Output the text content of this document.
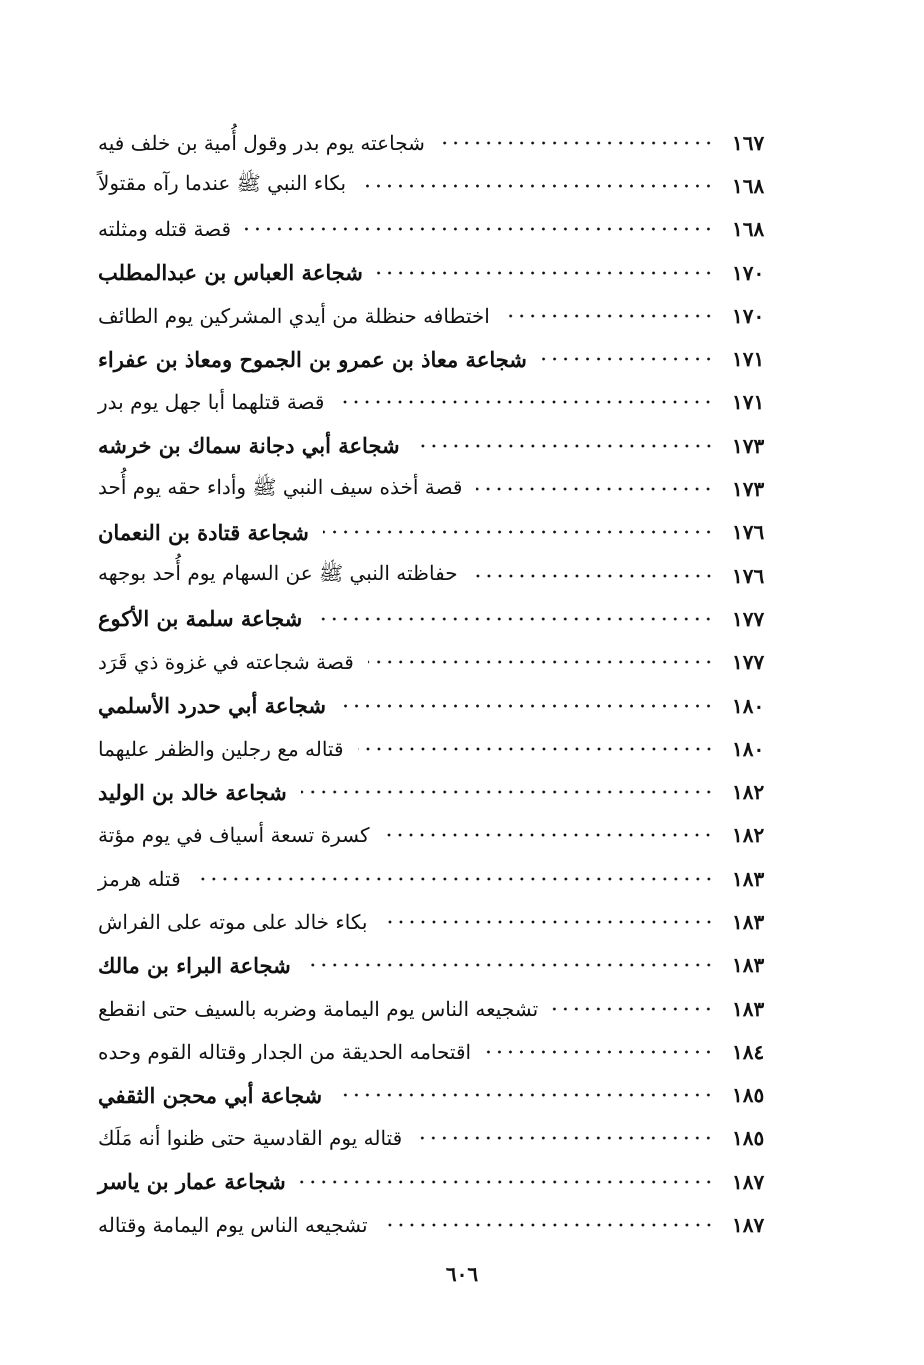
شجاعته يوم بدر وقول أُمية بن خلف فيه	١٦٧
بكاء النبي ﷺ عندما رآه مقتولاً	١٦٨
قصة قتله ومثلته	١٦٨
شجاعة العباس بن عبدالمطلب	١٧٠
اختطافه حنظلة من أيدي المشركين يوم الطائف	١٧٠
شجاعة معاذ بن عمرو بن الجموح ومعاذ بن عفراء	١٧١
قصة قتلهما أبا جهل يوم بدر	١٧١
شجاعة أبي دجانة سماك بن خرشه	١٧٣
قصة أخذه سيف النبي ﷺ وأداء حقه يوم أُحد	١٧٣
شجاعة قتادة بن النعمان	١٧٦
حفاظته النبي ﷺ عن السهام يوم أُحد بوجهه	١٧٦
شجاعة سلمة بن الأكوع	١٧٧
قصة شجاعته في غزوة ذي قَرَد	١٧٧
شجاعة أبي حدرد الأسلمي	١٨٠
قتاله مع رجلين والظفر عليهما	١٨٠
شجاعة خالد بن الوليد	١٨٢
كسرة تسعة أسياف في يوم مؤتة	١٨٢
قتله هرمز	١٨٣
بكاء خالد على موته على الفراش	١٨٣
شجاعة البراء بن مالك	١٨٣
تشجيعه الناس يوم اليمامة وضربه بالسيف حتى انقطع	١٨٣
اقتحامه الحديقة من الجدار وقتاله القوم وحده	١٨٤
شجاعة أبي محجن الثقفي	١٨٥
قتاله يوم القادسية حتى ظنوا أنه مَلَك	١٨٥
شجاعة عمار بن ياسر	١٨٧
تشجيعه الناس يوم اليمامة وقتاله	١٨٧
٦٠٦
